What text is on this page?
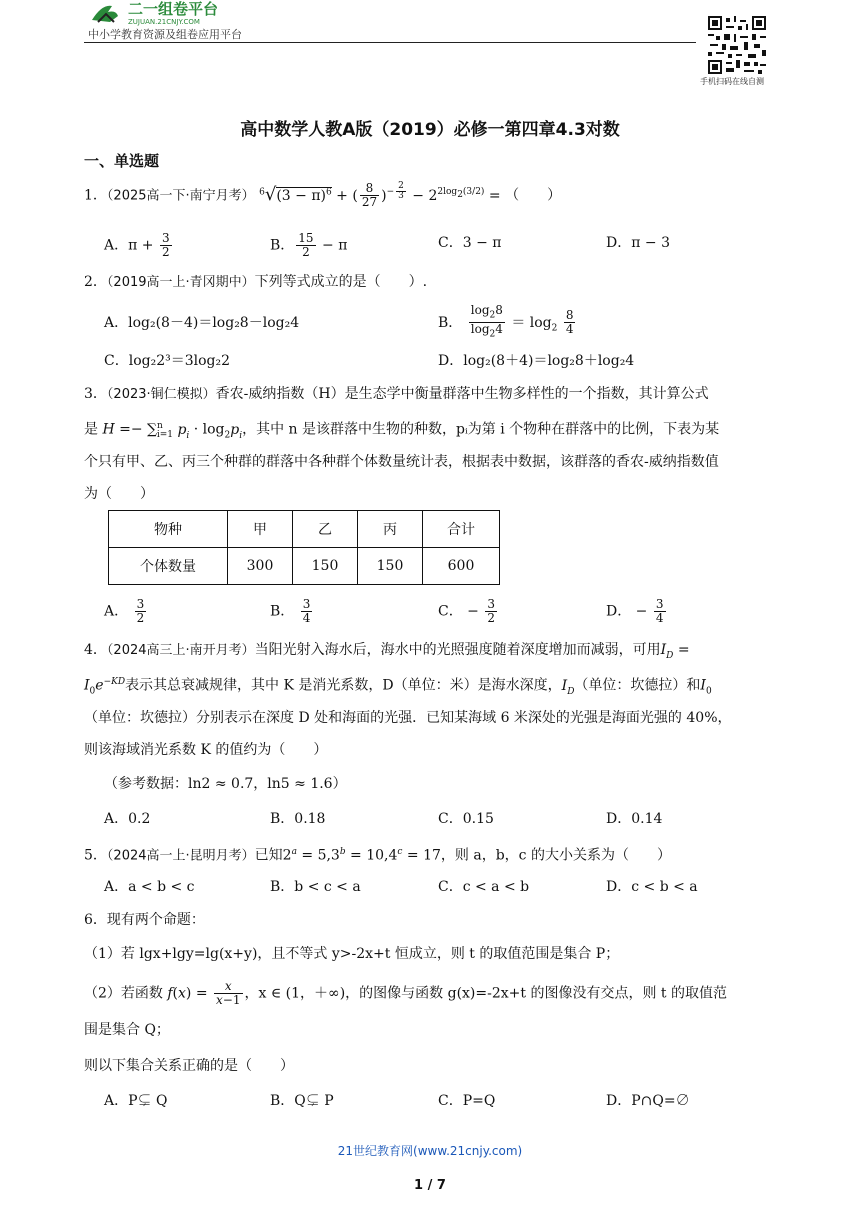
二一组卷平台
ZUJUAN.21CNJY.COM
中小学教育资源及组卷应用平台
手机扫码在线自测
高中数学人教A版（2019）必修一第四章4.3对数
一、单选题
1．（2025高一下·南宁月考） $^6√(3 - \pi)^6$ + ( $\frac{8}{27} )^{- \frac{2}{3}} - 2^{2log_2(3/2)}$ = （　　）
A．$\pi + \frac{3}{2}$	B． $\frac{15}{2} - \pi$	C．3 − π	D．π − 3
2．（2019高一上·青冈期中）下列等式成立的是（　　）.
A．log₂(8－4)＝log₂8－log₂4	B． $\frac{\log_28}{\log_24} = \log_2 \frac{8}{4}$
C．log₂2³＝3log₂2	D．log₂(8＋4)＝log₂8＋log₂4
3．（2023·铜仁模拟）香农-威纳指数（H）是生态学中衡量群落中生物多样性的一个指数，其计算公式
是 H =− ∑$^n_{i=1}$ $p_i \cdot \log_2p_i$，其中 n 是该群落中生物的种数，pᵢ为第 i 个物种在群落中的比例，下表为某
个只有甲、乙、丙三个种群的群落中各种群个体数量统计表，根据表中数据，该群落的香农-威纳指数值
为（　　）
物种	甲	乙	丙	合计
个体数量	300	150	150	600
A． $\frac{3}{2}$	B． $\frac{3}{4}$	C． − $\frac{3}{2}$	D． − $\frac{3}{4}$
4．（2024高三上·南开月考）当阳光射入海水后，海水中的光照强度随着深度增加而减弱，可用$I_D$ =
$I_0e^{-KD}$表示其总衰减规律，其中 K 是消光系数，D（单位：米）是海水深度，$I_D$（单位：坎德拉）和$I_0$
（单位：坎德拉）分别表示在深度 D 处和海面的光强．已知某海域 6 米深处的光强是海面光强的 40%，
则该海域消光系数 K 的值约为（　　）
（参考数据：ln2 ≈ 0.7，ln5 ≈ 1.6）
A．0.2	B．0.18	C．0.15	D．0.14
5．（2024高一上·昆明月考）已知$2^a = 5,3^b = 10,4^c = 17$，则 a，b，c 的大小关系为（　　）
A．a < b < c	B．b < c < a	C．c < a < b	D．c < b < a
6．现有两个命题：
（1）若 lgx+lgy=lg(x+y)，且不等式 y>-2x+t 恒成立，则 t 的取值范围是集合 P；
（2）若函数 $f(x) = \frac{x}{x-1}$ ，x ∈ (1，＋∞)，的图像与函数 g(x)=-2x+t 的图像没有交点，则 t 的取值范
围是集合 Q；
则以下集合关系正确的是（　　）
A．P⊊ Q	B．Q⊊ P	C．P=Q	D．P∩Q=∅
21世纪教育网(www.21cnjy.com)
1 / 7
